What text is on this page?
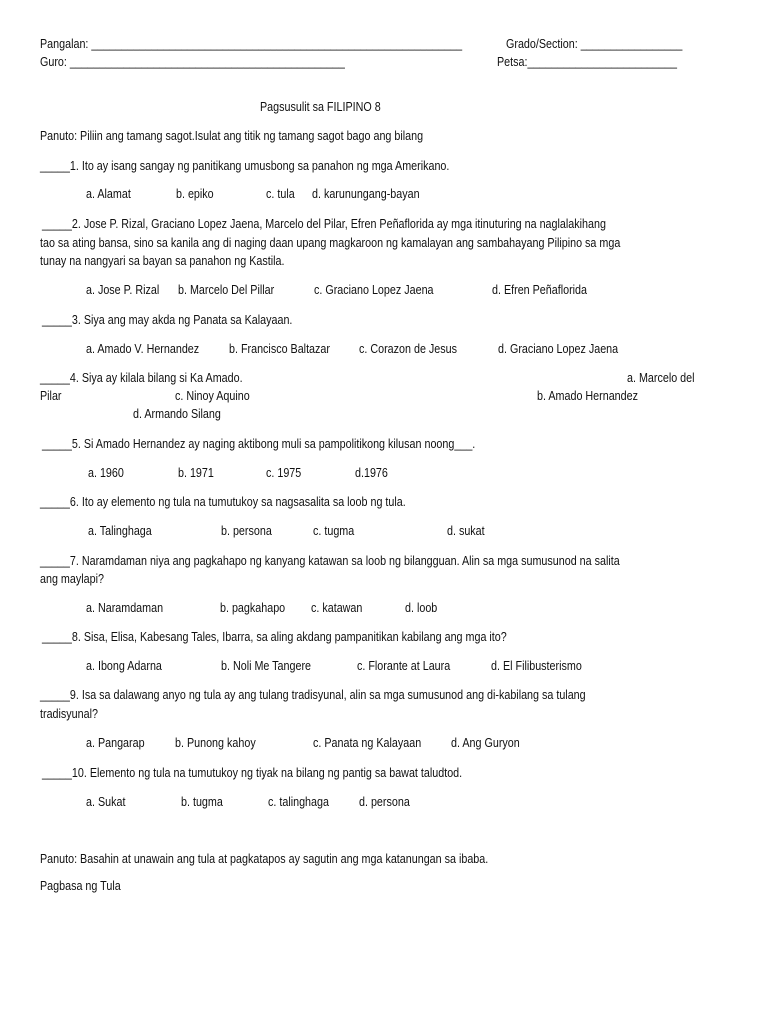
Pangalan: ______________________________________________________________	Grado/Section: _________________
Guro: ______________________________________________	Petsa:_________________________
Pagsusulit sa FILIPINO 8
Panuto: Piliin ang tamang sagot.Isulat ang titik ng tamang sagot bago ang bilang
_____1. Ito ay isang sangay ng panitikang umusbong sa panahon ng mga Amerikano.
a. Alamat	b. epiko	c. tula d. karunungang-bayan
_____2. Jose P. Rizal, Graciano Lopez Jaena, Marcelo del Pilar, Efren Peñaflorida ay mga itinuturing na naglalakihang
tao sa ating bansa, sino sa kanila ang di naging daan upang magkaroon ng kamalayan ang sambahayang Pilipino sa mga
tunay na nangyari sa bayan sa panahon ng Kastila.
a. Jose P. Rizal b. Marcelo Del Pillar	c. Graciano Lopez Jaena	d. Efren Peñaflorida
_____3. Siya ang may akda ng Panata sa Kalayaan.
a. Amado V. Hernandez b. Francisco Baltazar c. Corazon de Jesus	d. Graciano Lopez Jaena
_____4. Siya ay kilala bilang si Ka Amado.	a. Marcelo del
Pilar	c. Ninoy Aquino	b. Amado Hernandez
d. Armando Silang
_____5. Si Amado Hernandez ay naging aktibong muli sa pampolitikong kilusan noong___.
a. 1960	b. 1971	c. 1975	d.1976
_____6. Ito ay elemento ng tula na tumutukoy sa nagsasalita sa loob ng tula.
a. Talinghaga	b. persona	c. tugma	d. sukat
_____7. Naramdaman niya ang pagkahapo ng kanyang katawan sa loob ng bilangguan. Alin sa mga sumusunod na salita
ang maylapi?
a. Naramdaman	b. pagkahapo c. katawan	d. loob
_____8. Sisa, Elisa, Kabesang Tales, Ibarra, sa aling akdang pampanitikan kabilang ang mga ito?
a. Ibong Adarna	b. Noli Me Tangere	c. Florante at Laura	d. El Filibusterismo
_____9. Isa sa dalawang anyo ng tula ay ang tulang tradisyunal, alin sa mga sumusunod ang di-kabilang sa tulang
tradisyunal?
a. Pangarap b. Punong kahoy	c. Panata ng Kalayaan d. Ang Guryon
_____10. Elemento ng tula na tumutukoy ng tiyak na bilang ng pantig sa bawat taludtod.
a. Sukat	b. tugma	c. talinghaga d. persona
Panuto: Basahin at unawain ang tula at pagkatapos ay sagutin ang mga katanungan sa ibaba.
Pagbasa ng Tula
